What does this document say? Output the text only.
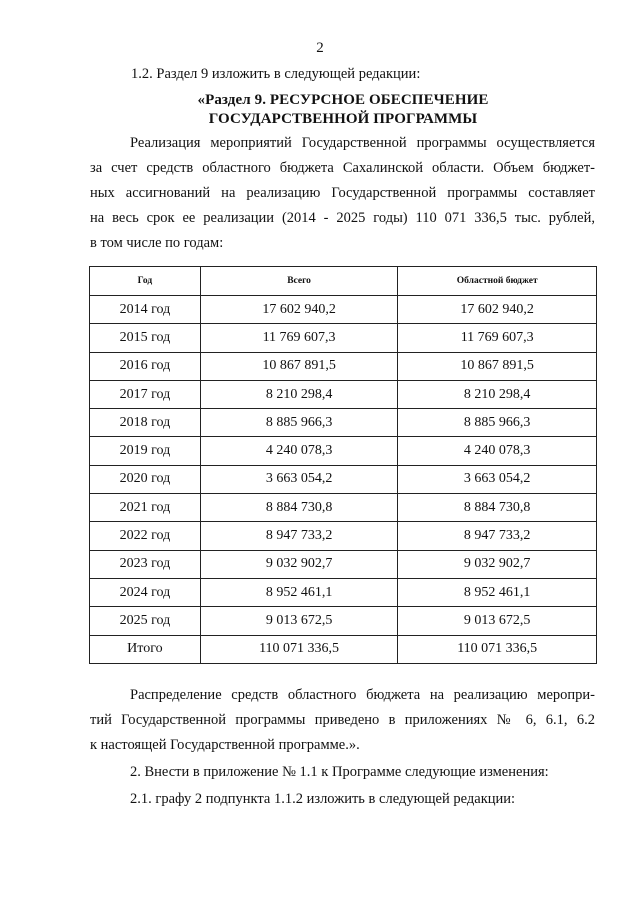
2
1.2. Раздел 9 изложить в следующей редакции:
«Раздел 9. РЕСУРСНОЕ ОБЕСПЕЧЕНИЕ
ГОСУДАРСТВЕННОЙ ПРОГРАММЫ
Реализация мероприятий Государственной программы осуществляется
за счет средств областного бюджета Сахалинской области. Объем бюджет-
ных ассигнований на реализацию Государственной программы составляет
на весь срок ее реализации (2014 - 2025 годы) 110 071 336,5 тыс. рублей,
в том числе по годам:
Год	Всего	Областной бюджет
2014 год	17 602 940,2	17 602 940,2
2015 год	11 769 607,3	11 769 607,3
2016 год	10 867 891,5	10 867 891,5
2017 год	8 210 298,4	8 210 298,4
2018 год	8 885 966,3	8 885 966,3
2019 год	4 240 078,3	4 240 078,3
2020 год	3 663 054,2	3 663 054,2
2021 год	8 884 730,8	8 884 730,8
2022 год	8 947 733,2	8 947 733,2
2023 год	9 032 902,7	9 032 902,7
2024 год	8 952 461,1	8 952 461,1
2025 год	9 013 672,5	9 013 672,5
Итого	110 071 336,5	110 071 336,5
Распределение средств областного бюджета на реализацию меропри-
тий Государственной программы приведено в приложениях № 6, 6.1, 6.2
к настоящей Государственной программе.».
2. Внести в приложение № 1.1 к Программе следующие изменения:
2.1. графу 2 подпункта 1.1.2 изложить в следующей редакции:
